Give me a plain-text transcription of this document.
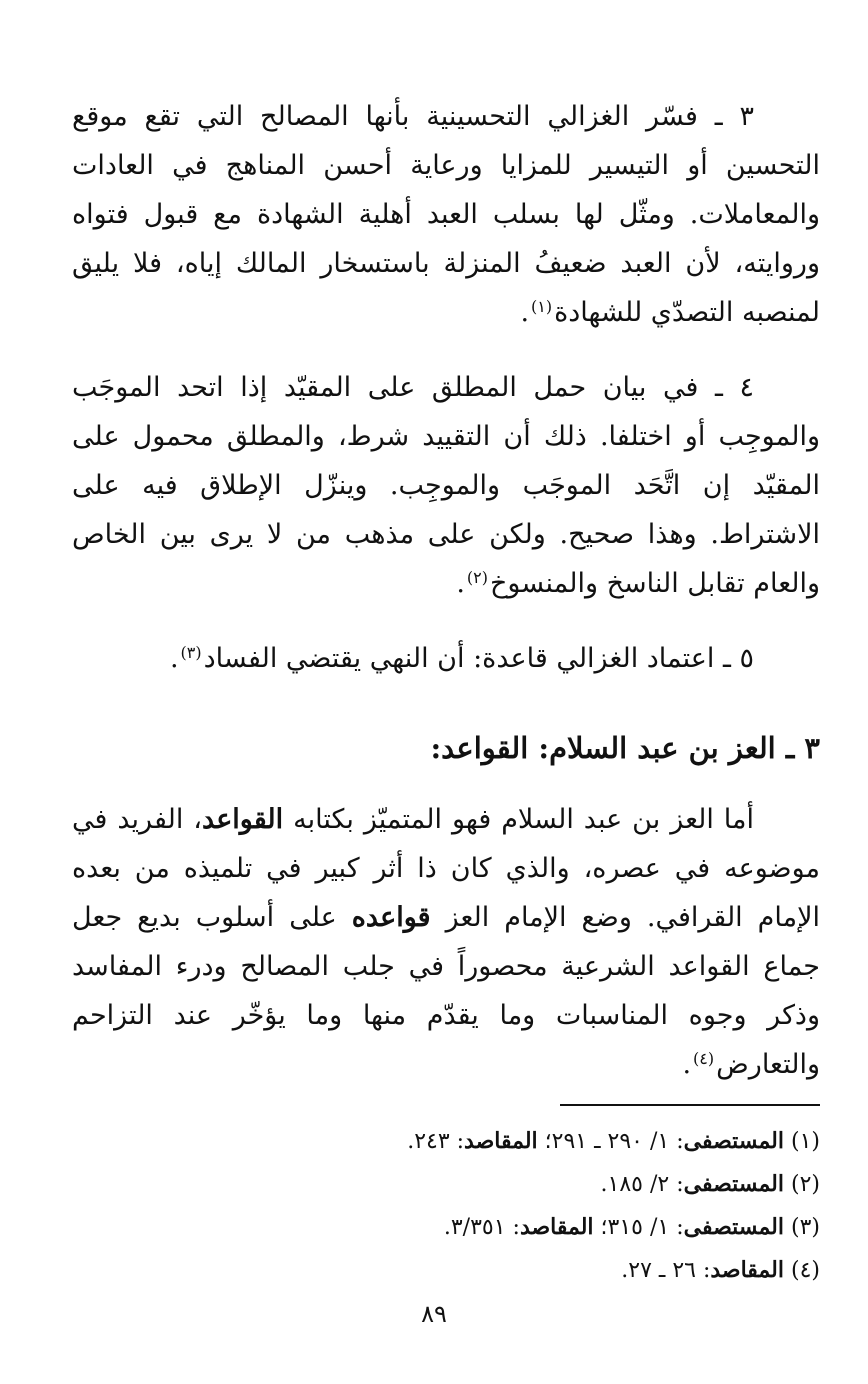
٣ ـ فسّر الغزالي التحسينية بأنها المصالح التي تقع موقع التحسين أو التيسير للمزايا ورعاية أحسن المناهج في العادات والمعاملات. ومثّل لها بسلب العبد أهلية الشهادة مع قبول فتواه وروايته، لأن العبد ضعيفُ المنزلة باستسخار المالك إياه، فلا يليق لمنصبه التصدّي للشهادة$^{(١)}$.

٤ ـ في بيان حمل المطلق على المقيّد إذا اتحد الموجَب والموجِب أو اختلفا. ذلك أن التقييد شرط، والمطلق محمول على المقيّد إن اتَّحَد الموجَب والموجِب. وينزّل الإطلاق فيه على الاشتراط. وهذا صحيح. ولكن على مذهب من لا يرى بين الخاص والعام تقابل الناسخ والمنسوخ$^{(٢)}$.

٥ ـ اعتماد الغزالي قاعدة: أن النهي يقتضي الفساد$^{(٣)}$.

٣ ـ العز بن عبد السلام: القواعد:

أما العز بن عبد السلام فهو المتميّز بكتابه القواعد، الفريد في موضوعه في عصره، والذي كان ذا أثر كبير في تلميذه من بعده الإمام القرافي. وضع الإمام العز قواعده على أسلوب بديع جعل جماع القواعد الشرعية محصوراً في جلب المصالح ودرء المفاسد وذكر وجوه المناسبات وما يقدّم منها وما يؤخّر عند التزاحم والتعارض$^{(٤)}$.

(١) المستصفى: ١/ ٢٩٠ ـ ٢٩١؛ المقاصد: ٢٤٣.
(٢) المستصفى: ٢/ ١٨٥.
(٣) المستصفى: ١/ ٣١٥؛ المقاصد: ٣/٣٥١.
(٤) المقاصد: ٢٦ ـ ٢٧.
٨٩
